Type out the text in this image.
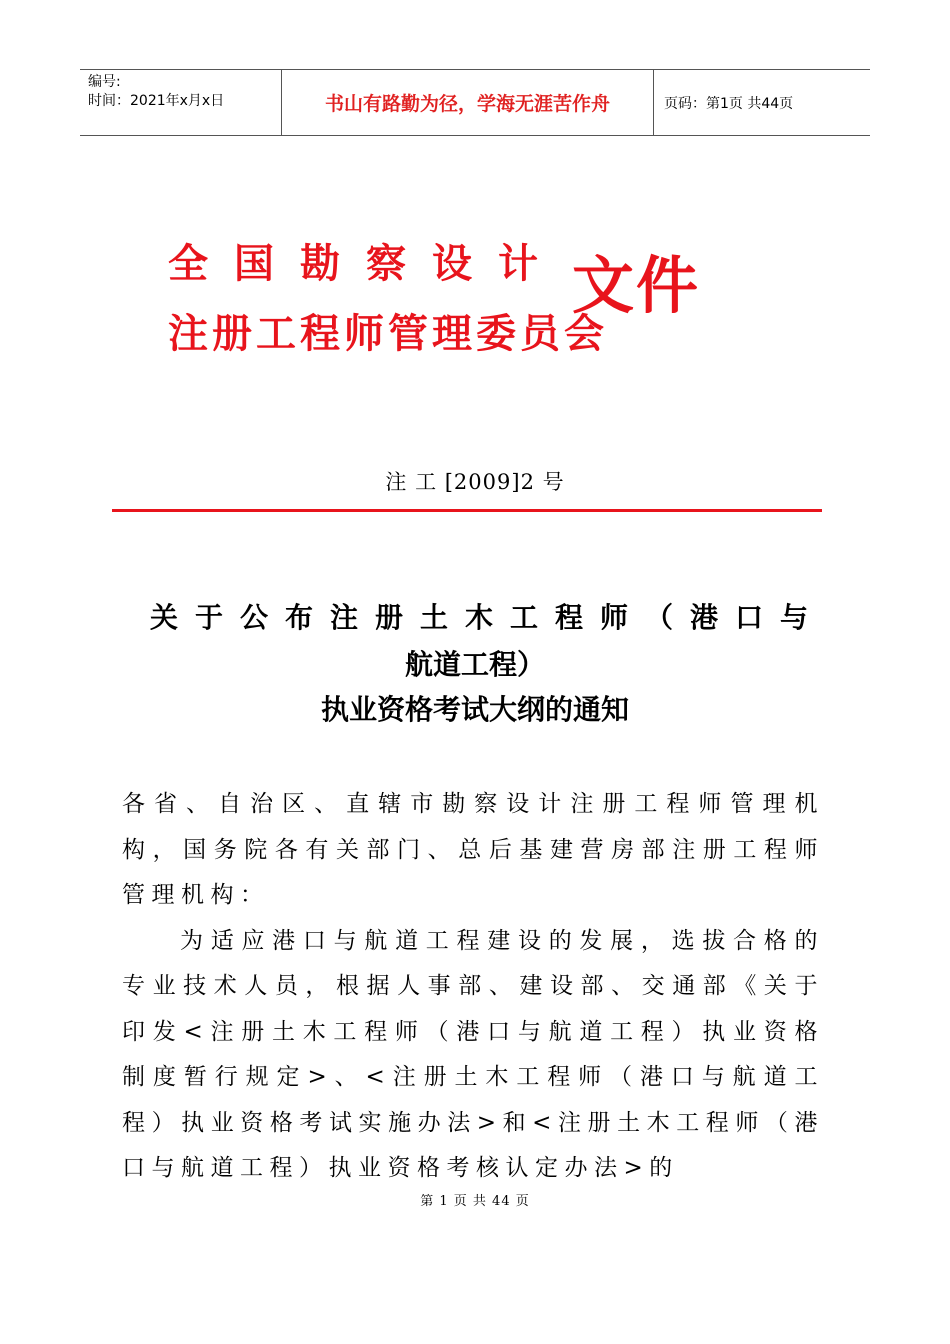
编号:
时间：2021年x月x日	书山有路勤为径，学海无涯苦作舟	页码：第1页 共44页
全国勘察设计 文件
注册工程师管理委员会
注 工 [2009]2 号
关于公布注册土木工程师（港口与
航道工程）
执业资格考试大纲的通知

各省、自治区、直辖市勘察设计注册工程师管理机构，国务院各有关部门、总后基建营房部注册工程师管理机构：

为适应港口与航道工程建设的发展，选拔合格的专业技术人员，根据人事部、建设部、交通部《关于印发<注册土木工程师（港口与航道工程）执业资格制度暂行规定>、<注册土木工程师（港口与航道工程）执业资格考试实施办法>和<注册土木工程师（港口与航道工程）执业资格考核认定办法>的

第 1 页 共 44 页
